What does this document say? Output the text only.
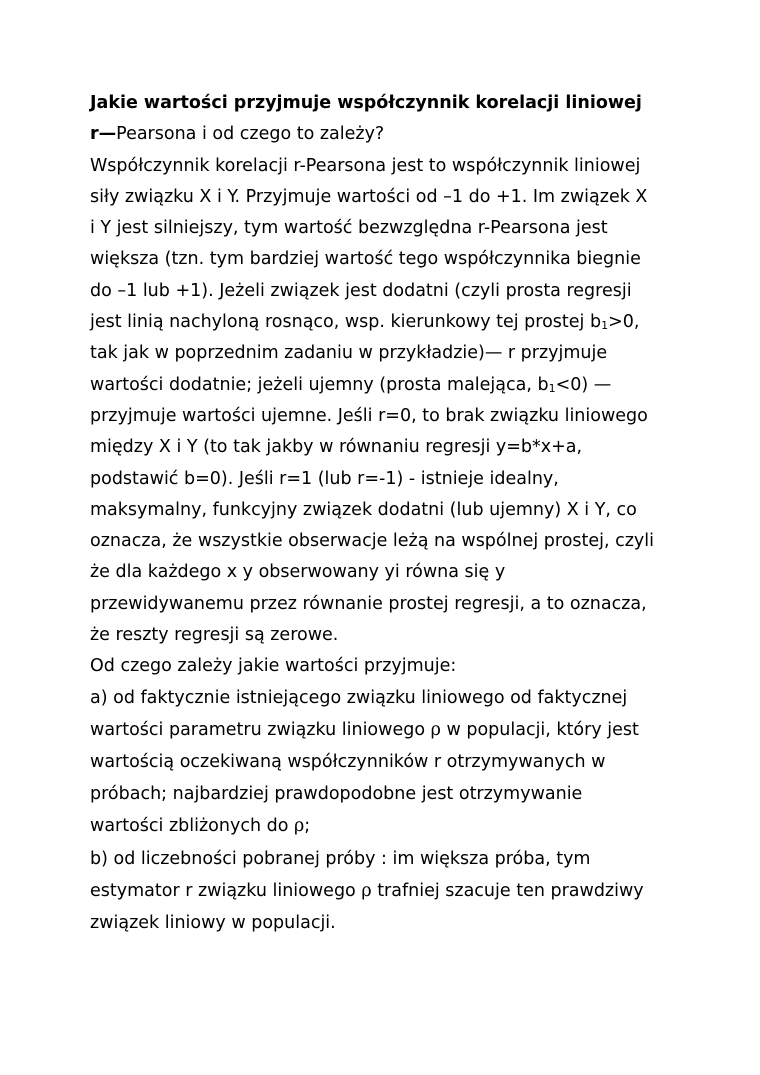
Jakie wartości przyjmuje współczynnik korelacji liniowej
r—Pearsona i od czego to zależy?
Współczynnik korelacji r-Pearsona jest to współczynnik liniowej
siły związku X i Y. Przyjmuje wartości od –1 do +1. Im związek X
i Y jest silniejszy, tym wartość bezwzględna r-Pearsona jest
większa (tzn. tym bardziej wartość tego współczynnika biegnie
do –1 lub +1). Jeżeli związek jest dodatni (czyli prosta regresji
jest linią nachyloną rosnąco, wsp. kierunkowy tej prostej $b_1>0$,
tak jak w poprzednim zadaniu w przykładzie)— r przyjmuje
wartości dodatnie; jeżeli ujemny (prosta malejąca, $b_1<0$) —
przyjmuje wartości ujemne. Jeśli r=0, to brak związku liniowego
między X i Y (to tak jakby w równaniu regresji y=b*x+a,
podstawić b=0). Jeśli r=1 (lub r=-1) - istnieje idealny,
maksymalny, funkcyjny związek dodatni (lub ujemny) X i Y, co
oznacza, że wszystkie obserwacje leżą na wspólnej prostej, czyli
że dla każdego x y obserwowany yi równa się y
przewidywanemu przez równanie prostej regresji, a to oznacza,
że reszty regresji są zerowe.
Od czego zależy jakie wartości przyjmuje:
a) od faktycznie istniejącego związku liniowego od faktycznej
wartości parametru związku liniowego ρ w populacji, który jest
wartością oczekiwaną współczynników r otrzymywanych w
próbach; najbardziej prawdopodobne jest otrzymywanie
wartości zbliżonych do ρ;
b) od liczebności pobranej próby : im większa próba, tym
estymator r związku liniowego ρ trafniej szacuje ten prawdziwy
związek liniowy w populacji.
